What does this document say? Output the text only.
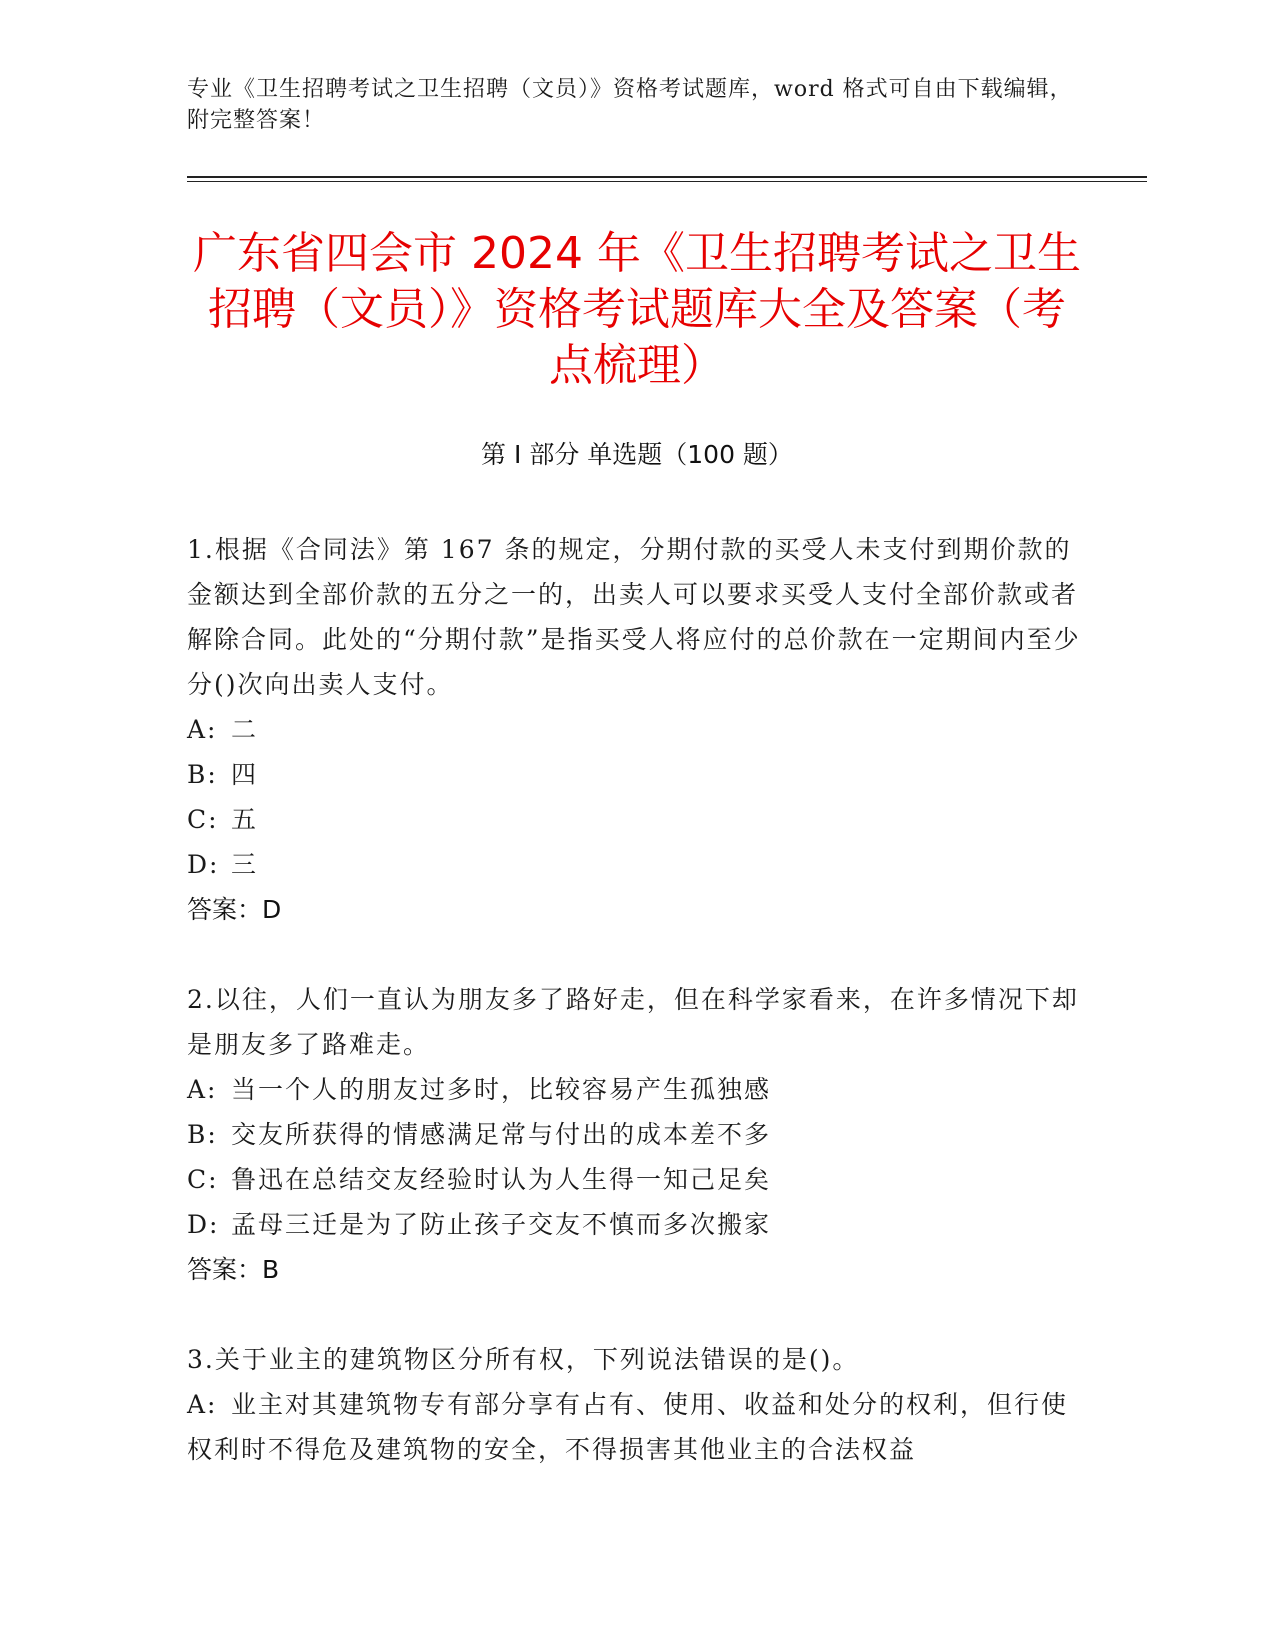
专业《卫生招聘考试之卫生招聘（文员）》资格考试题库，word 格式可自由下载编辑，附完整答案！
广东省四会市 2024 年《卫生招聘考试之卫生招聘（文员）》资格考试题库大全及答案（考点梳理）
第 I 部分 单选题（100 题）

1.根据《合同法》第 167 条的规定，分期付款的买受人未支付到期价款的金额达到全部价款的五分之一的，出卖人可以要求买受人支付全部价款或者解除合同。此处的“分期付款”是指买受人将应付的总价款在一定期间内至少分()次向出卖人支付。

A: 二

B: 四

C: 五

D: 三

答案：D

2.以往，人们一直认为朋友多了路好走，但在科学家看来，在许多情况下却是朋友多了路难走。

A: 当一个人的朋友过多时，比较容易产生孤独感

B: 交友所获得的情感满足常与付出的成本差不多

C: 鲁迅在总结交友经验时认为人生得一知己足矣

D: 孟母三迁是为了防止孩子交友不慎而多次搬家

答案：B

3.关于业主的建筑物区分所有权，下列说法错误的是()。

A: 业主对其建筑物专有部分享有占有、使用、收益和处分的权利，但行使权利时不得危及建筑物的安全，不得损害其他业主的合法权益
